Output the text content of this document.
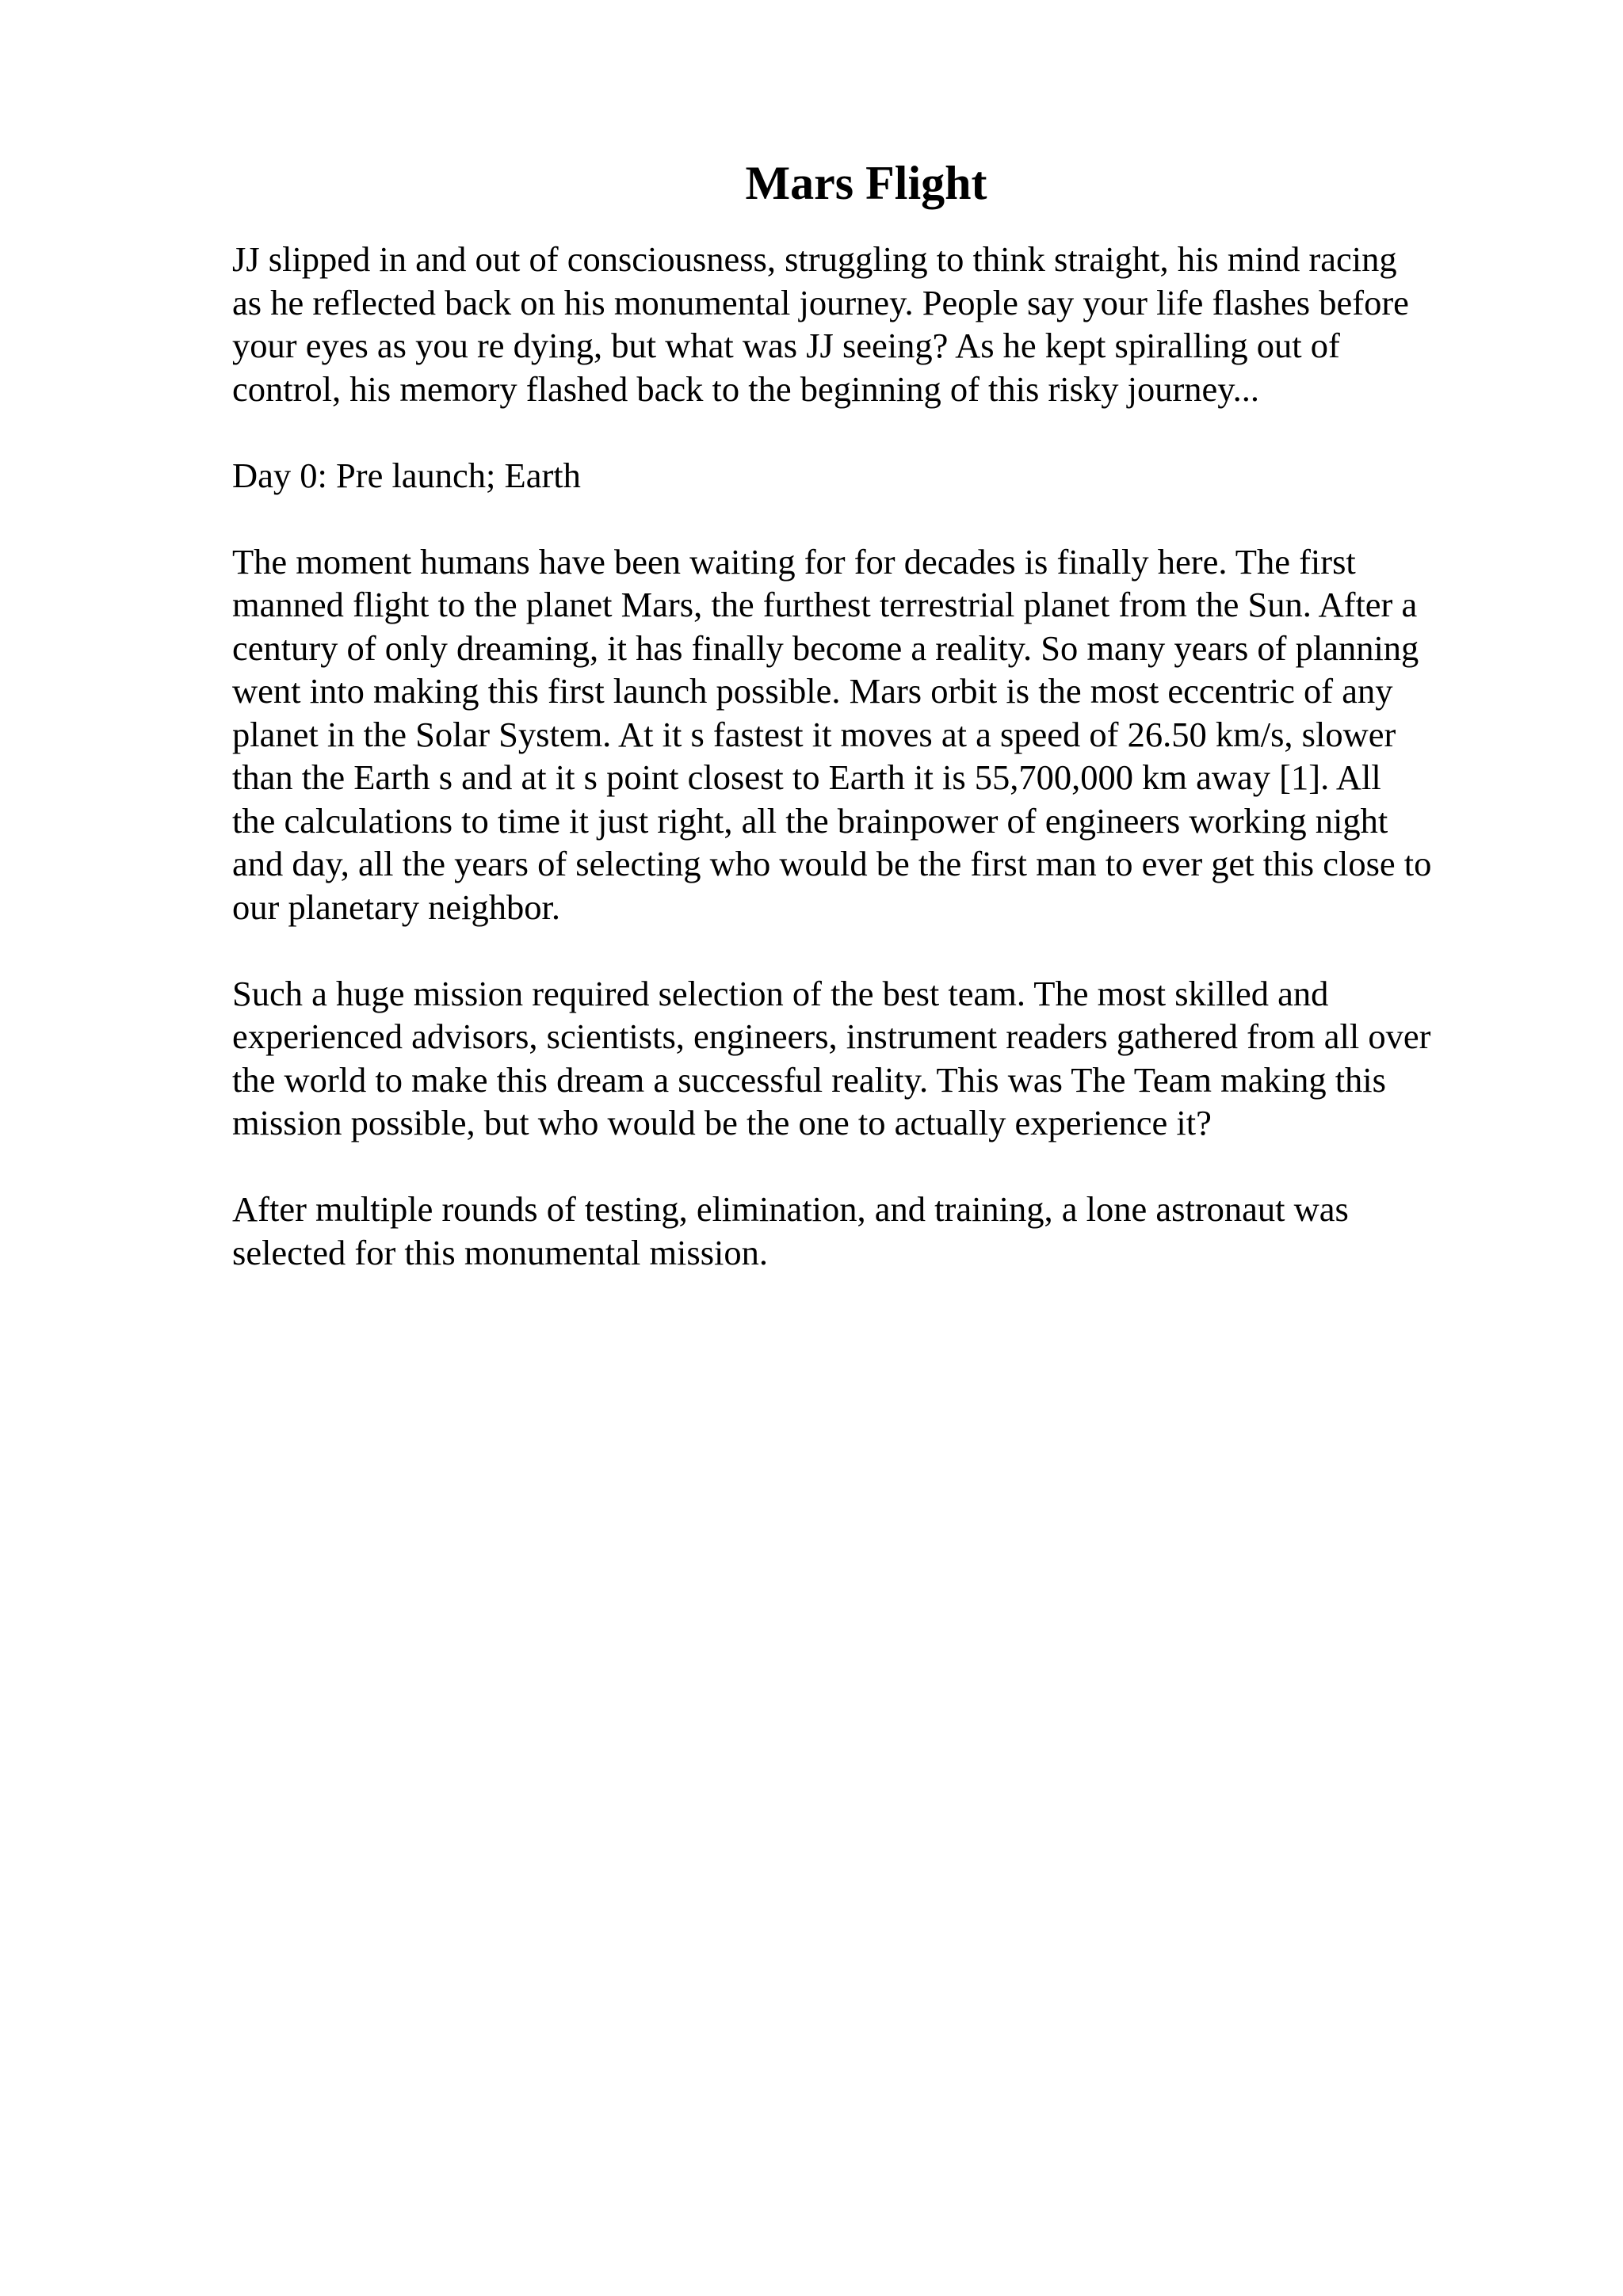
Mars Flight

JJ slipped in and out of consciousness, struggling to think straight, his mind racing
as he reflected back on his monumental journey. People say your life flashes before
your eyes as you re dying, but what was JJ seeing? As he kept spiralling out of
control, his memory flashed back to the beginning of this risky journey...

Day 0: Pre launch; Earth

The moment humans have been waiting for for decades is finally here. The first
manned flight to the planet Mars, the furthest terrestrial planet from the Sun. After a
century of only dreaming, it has finally become a reality. So many years of planning
went into making this first launch possible. Mars orbit is the most eccentric of any
planet in the Solar System. At it s fastest it moves at a speed of 26.50 km/s, slower
than the Earth s and at it s point closest to Earth it is 55,700,000 km away [1]. All
the calculations to time it just right, all the brainpower of engineers working night
and day, all the years of selecting who would be the first man to ever get this close to
our planetary neighbor.

Such a huge mission required selection of the best team. The most skilled and
experienced advisors, scientists, engineers, instrument readers gathered from all over
the world to make this dream a successful reality. This was The Team making this
mission possible, but who would be the one to actually experience it?

After multiple rounds of testing, elimination, and training, a lone astronaut was
selected for this monumental mission.
